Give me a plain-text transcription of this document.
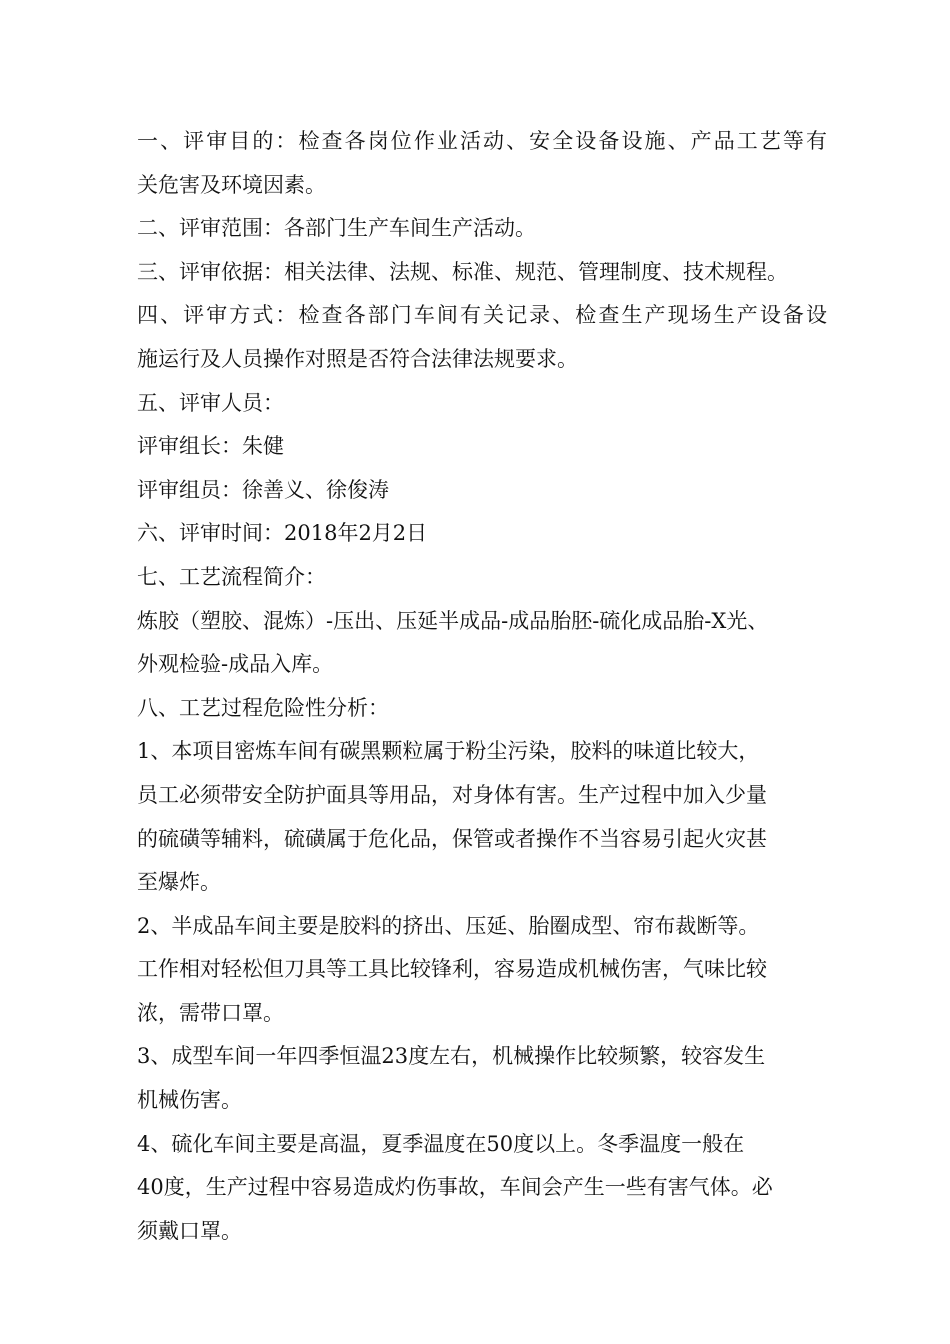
一、评审目的：检查各岗位作业活动、安全设备设施、产品工艺等有
关危害及环境因素。
二、评审范围：各部门生产车间生产活动。
三、评审依据：相关法律、法规、标准、规范、管理制度、技术规程。
四、评审方式：检查各部门车间有关记录、检查生产现场生产设备设
施运行及人员操作对照是否符合法律法规要求。
五、评审人员：
评审组长：朱健
评审组员：徐善义、徐俊涛
六、评审时间：2018年2月2日
七、工艺流程简介：
炼胶（塑胶、混炼）-压出、压延半成品-成品胎胚-硫化成品胎-X光、
外观检验-成品入库。
八、工艺过程危险性分析：
1、本项目密炼车间有碳黑颗粒属于粉尘污染，胶料的味道比较大，
员工必须带安全防护面具等用品，对身体有害。生产过程中加入少量
的硫磺等辅料，硫磺属于危化品，保管或者操作不当容易引起火灾甚
至爆炸。
2、半成品车间主要是胶料的挤出、压延、胎圈成型、帘布裁断等。
工作相对轻松但刀具等工具比较锋利，容易造成机械伤害，气味比较
浓，需带口罩。
3、成型车间一年四季恒温23度左右，机械操作比较频繁，较容发生
机械伤害。
4、硫化车间主要是高温，夏季温度在50度以上。冬季温度一般在
40度，生产过程中容易造成灼伤事故，车间会产生一些有害气体。必
须戴口罩。
